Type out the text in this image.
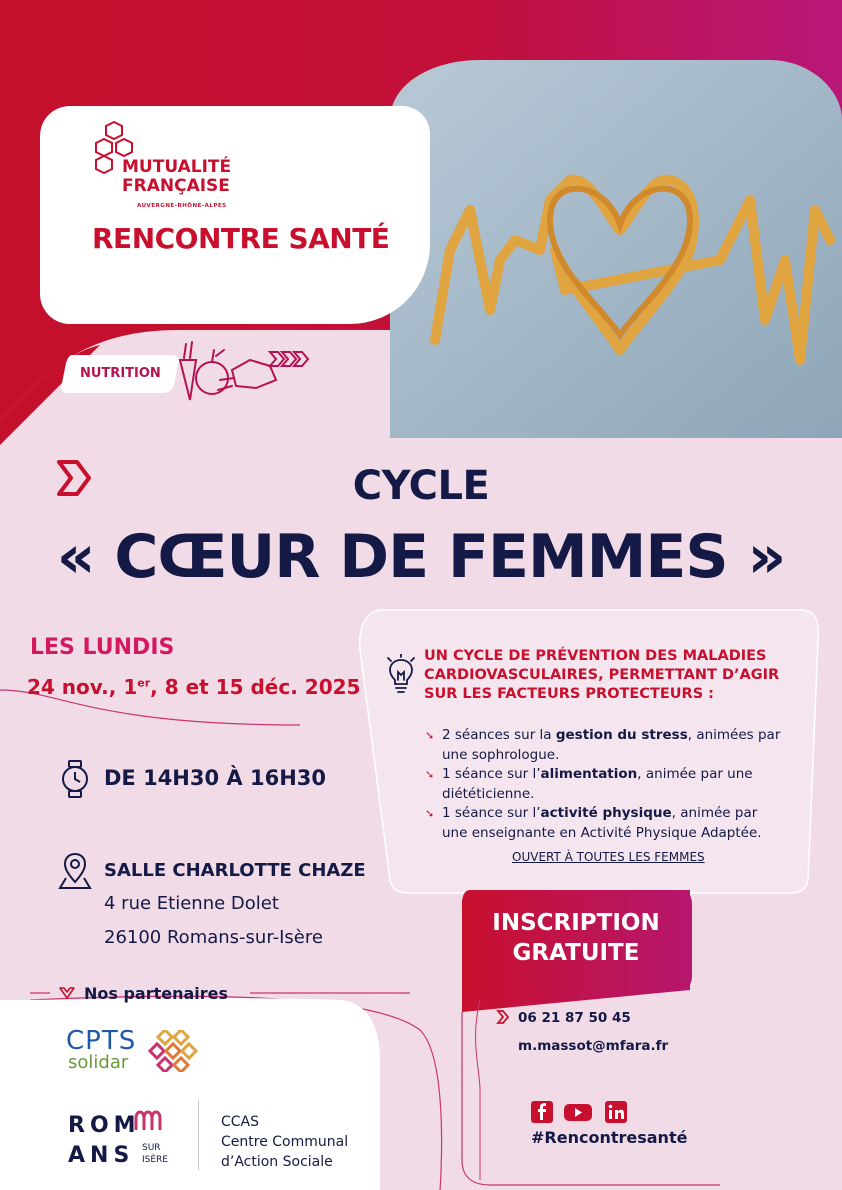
MUTUALITÉ
FRANÇAISE
AUVERGNE-RHÔNE-ALPES
RENCONTRE SANTÉ
NUTRITION
CYCLE
« CŒUR DE FEMMES »
LES LUNDIS
24 nov., 1er, 8 et 15 déc. 2025
DE 14H30 À 16H30
SALLE CHARLOTTE CHAZE
4 rue Etienne Dolet
26100 Romans-sur-Isère
UN CYCLE DE PRÉVENTION DES MALADIES
CARDIOVASCULAIRES, PERMETTANT D’AGIR
SUR LES FACTEURS PROTECTEURS :
➘ 2 séances sur la gestion du stress, animées par une sophrologue.
➘ 1 séance sur l’alimentation, animée par une diététicienne.
➘ 1 séance sur l’activité physique, animée par une enseignante en Activité Physique Adaptée.
OUVERT À TOUTES LES FEMMES
INSCRIPTION
GRATUITE
06 21 87 50 45
m.massot@mfara.fr
#Rencontresanté
Nos partenaires
CPTS
solidar
ROM
ANS SUR
ISÈRE
CCAS
Centre Communal
d’Action Sociale
